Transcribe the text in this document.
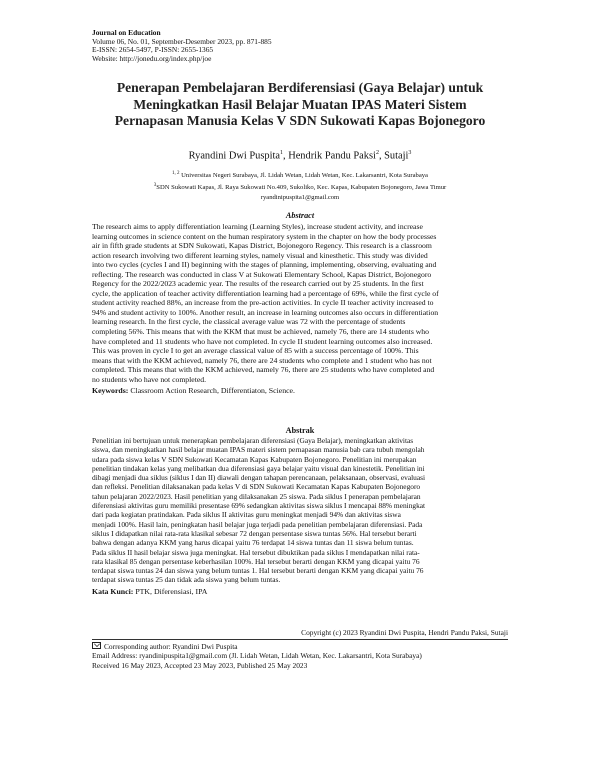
Journal on Education
Volume 06, No. 01, September-Desember 2023, pp. 871-885
E-ISSN: 2654-5497, P-ISSN: 2655-1365
Website: http://jonedu.org/index.php/joe
Penerapan Pembelajaran Berdiferensiasi (Gaya Belajar) untuk
Meningkatkan Hasil Belajar Muatan IPAS Materi Sistem
Pernapasan Manusia Kelas V SDN Sukowati Kapas Bojonegoro
Ryandini Dwi Puspita$^1$, Hendrik Pandu Paksi$^2$, Sutaji$^3$
$^{1, 2}$ Universitas Negeri Surabaya, Jl. Lidah Wetan, Lidah Wetan, Kec. Lakarsantri, Kota Surabaya
$^3$SDN Sukowati Kapas, Jl. Raya Sukowati No.409, Sukoliko, Kec. Kapas, Kabupaten Bojonegoro, Jawa Timur
ryandinipuspita1@gmail.com
Abstract
The research aims to apply differentiation learning (Learning Styles), increase student activity, and increase
learning outcomes in science content on the human respiratory system in the chapter on how the body processes
air in fifth grade students at SDN Sukowati, Kapas District, Bojonegoro Regency. This research is a classroom
action research involving two different learning styles, namely visual and kinesthetic. This study was divided
into two cycles (cycles I and II) beginning with the stages of planning, implementing, observing, evaluating and
reflecting. The research was conducted in class V at Sukowati Elementary School, Kapas District, Bojonegoro
Regency for the 2022/2023 academic year. The results of the research carried out by 25 students. In the first
cycle, the application of teacher activity differentiation learning had a percentage of 69%, while the first cycle of
student activity reached 88%, an increase from the pre-action activities. In cycle II teacher activity increased to
94% and student activity to 100%. Another result, an increase in learning outcomes also occurs in differentiation
learning research. In the first cycle, the classical average value was 72 with the percentage of students
completing 56%. This means that with the KKM that must be achieved, namely 76, there are 14 students who
have completed and 11 students who have not completed. In cycle II student learning outcomes also increased.
This was proven in cycle I to get an average classical value of 85 with a success percentage of 100%. This
means that with the KKM achieved, namely 76, there are 24 students who complete and 1 student who has not
completed. This means that with the KKM achieved, namely 76, there are 25 students who have completed and
no students who have not completed.
Keywords: Classroom Action Research, Differentiaton, Science.
Abstrak
Penelitian ini bertujuan untuk menerapkan pembelajaran diferensiasi (Gaya Belajar), meningkatkan aktivitas
siswa, dan meningkatkan hasil belajar muatan IPAS materi sistem pernapasan manusia bab cara tubuh mengolah
udara pada siswa kelas V SDN Sukowati Kecamatan Kapas Kabupaten Bojonegoro. Penelitian ini merupakan
penelitian tindakan kelas yang melibatkan dua diferensiasi gaya belajar yaitu visual dan kinestetik. Penelitian ini
dibagi menjadi dua siklus (siklus I dan II) diawali dengan tahapan perencanaan, pelaksanaan, observasi, evaluasi
dan refleksi. Penelitian dilaksanakan pada kelas V di SDN Sukowati Kecamatan Kapas Kabupaten Bojonegoro
tahun pelajaran 2022/2023. Hasil penelitian yang dilaksanakan 25 siswa. Pada siklus I penerapan pembelajaran
diferensiasi aktivitas guru memiliki presentase 69% sedangkan aktivitas siswa siklus I mencapai 88% meningkat
dari pada kegiatan pratindakan. Pada siklus II aktivitas guru meningkat menjadi 94% dan aktivitas siswa
menjadi 100%. Hasil lain, peningkatan hasil belajar juga terjadi pada penelitian pembelajaran diferensiasi. Pada
siklus I didapatkan nilai rata-rata klasikal sebesar 72 dengan persentase siswa tuntas 56%. Hal tersebut berarti
bahwa dengan adanya KKM yang harus dicapai yaitu 76 terdapat 14 siswa tuntas dan 11 siswa belum tuntas.
Pada siklus II hasil belajar siswa juga meningkat. Hal tersebut dibuktikan pada siklus I mendapatkan nilai rata-
rata klasikal 85 dengan persentase keberhasilan 100%. Hal tersebut berarti dengan KKM yang dicapai yaitu 76
terdapat siswa tuntas 24 dan siswa yang belum tuntas 1. Hal tersebut berarti dengan KKM yang dicapai yaitu 76
terdapat siswa tuntas 25 dan tidak ada siswa yang belum tuntas.
Kata Kunci: PTK, Diferensiasi, IPA
Copyright (c) 2023 Ryandini Dwi Puspita, Hendri Pandu Paksi, Sutaji
Corresponding author: Ryandini Dwi Puspita
Email Address: ryandinipuspita1@gmail.com (Jl. Lidah Wetan, Lidah Wetan, Kec. Lakarsantri, Kota Surabaya)
Received 16 May 2023, Accepted 23 May 2023, Published 25 May 2023
